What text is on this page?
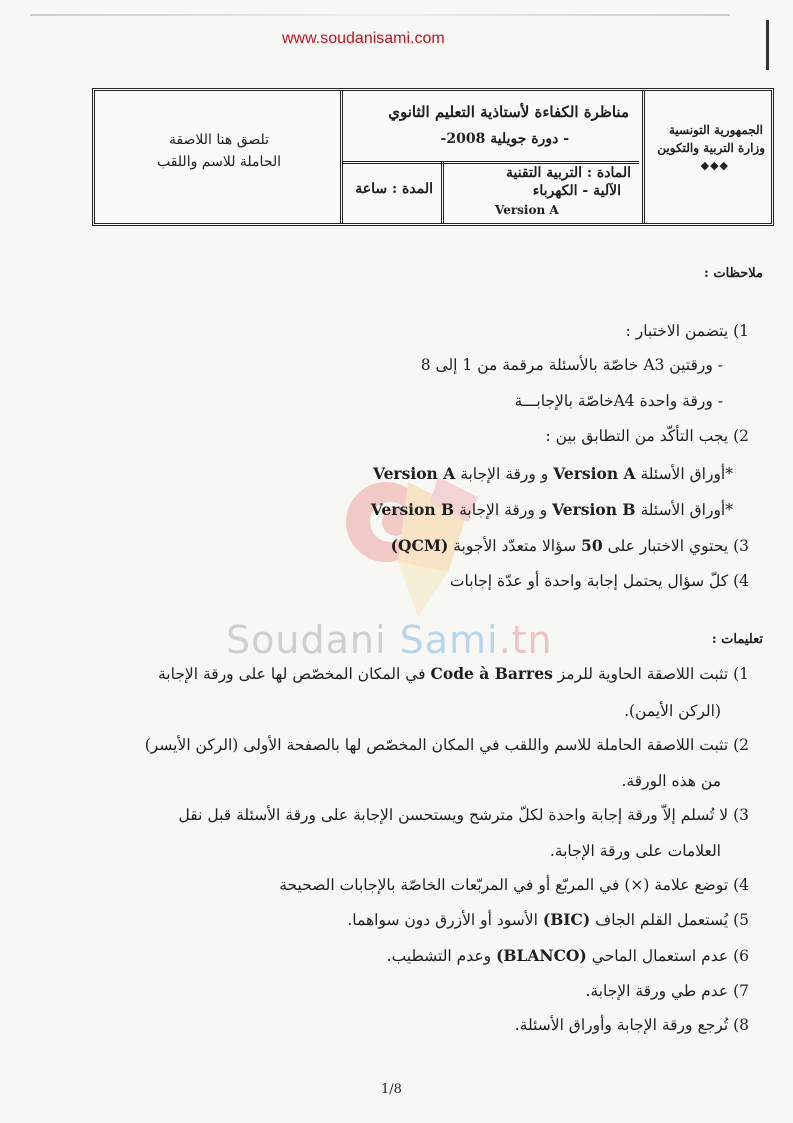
www.soudanisami.com
تلصق هنا اللاصقة
الحاملة للاسم واللقب
مناظرة الكفاءة لأستاذية التعليم الثانوي
- دورة جويلية 2008-
المدة : ساعة
المادة : التربية التقنية
الآلية - الكهرباء
Version A
الجمهورية التونسية
وزارة التربية والتكوين
◆◆◆
ملاحظات :
1) يتضمن الاختبار :
- ورقتين A3 خاصّة بالأسئلة مرقمة من 1 إلى 8
- ورقة واحدة A4خاصّة بالإجابـــة
2) يجب التأكّد من التطابق بين :
*أوراق الأسئلة Version A و ورقة الإجابة Version A
*أوراق الأسئلة Version B و ورقة الإجابة Version B
3) يحتوي الاختبار على 50 سؤالا متعدّد الأجوبة (QCM)
4) كلّ سؤال يحتمل إجابة واحدة أو عدّة إجابات
Soudani Sami.tn	تعليمات :
1) تثبت اللاصقة الحاوية للرمز Code à Barres في المكان المخصّص لها على ورقة الإجابة
(الركن الأيمن).
2) تثبت اللاصقة الحاملة للاسم واللقب في المكان المخصّص لها بالصفحة الأولى (الركن الأيسر)
من هذه الورقة.
3) لا تُسلم إلاّ ورقة إجابة واحدة لكلّ مترشح ويستحسن الإجابة على ورقة الأسئلة قبل نقل
العلامات على ورقة الإجابة.
4) توضع علامة (×) في المربّع أو في المربّعات الخاصّة بالإجابات الصحيحة
5) يُستعمل القلم الجاف (BIC) الأسود أو الأزرق دون سواهما.
6) عدم استعمال الماحي (BLANCO) وعدم التشطيب.
7) عدم طي ورقة الإجابة.
8) تُرجع ورقة الإجابة وأوراق الأسئلة.
1/8
